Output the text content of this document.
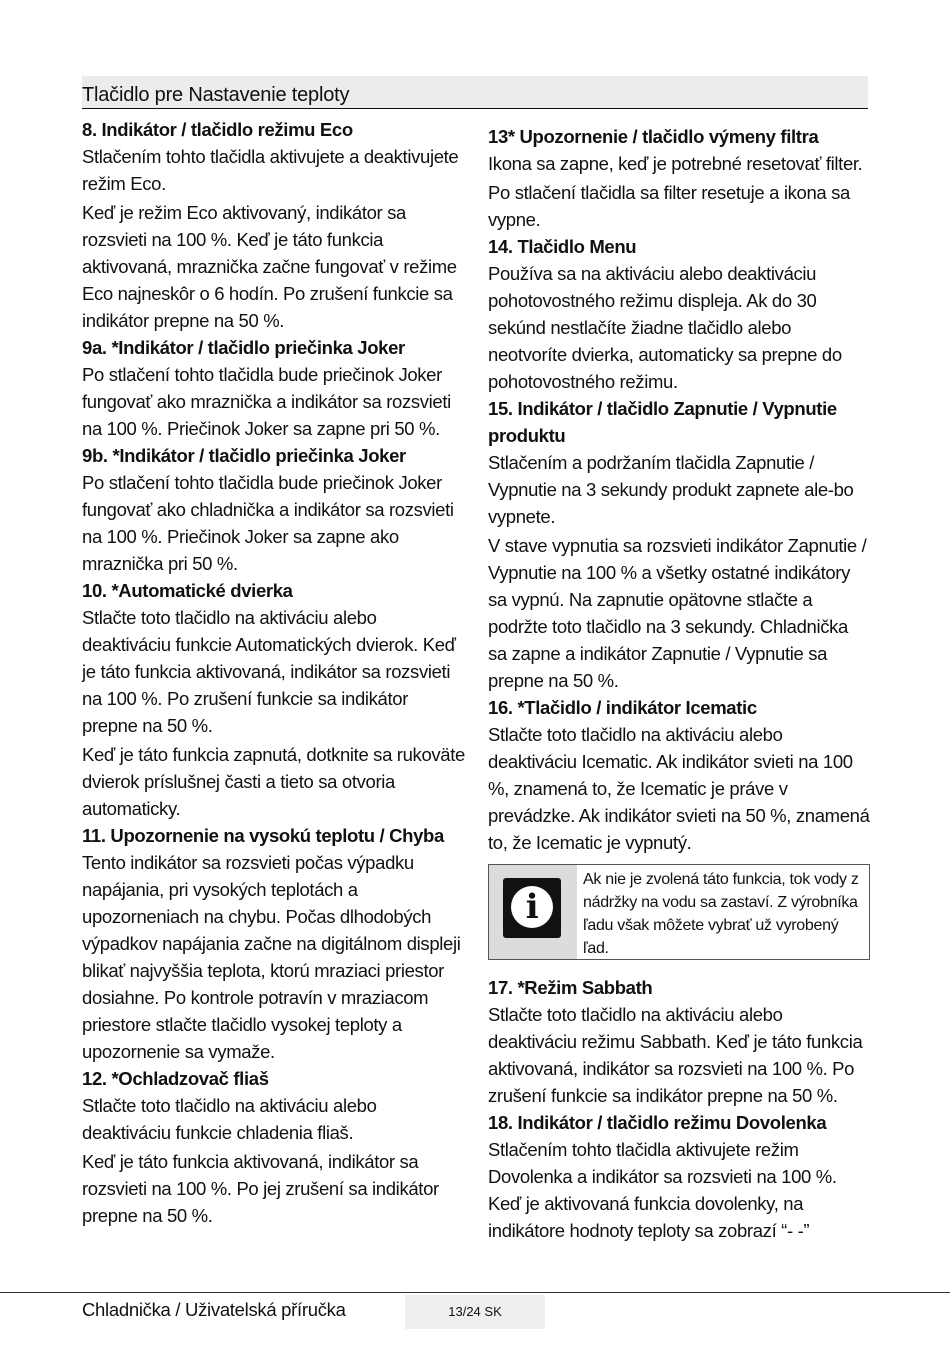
Tlačidlo pre Nastavenie teploty

8. Indikátor / tlačidlo režimu Eco

Stlačením tohto tlačidla aktivujete a deaktivujete režim Eco.

Keď je režim Eco aktivovaný, indikátor sa rozsvieti na 100 %. Keď je táto funkcia aktivovaná, mraznička začne fungovať v režime Eco najneskôr o 6 hodín. Po zrušení funkcie sa indikátor prepne na 50 %.

9a. *Indikátor / tlačidlo priečinka Joker

Po stlačení tohto tlačidla bude priečinok Joker fungovať ako mraznička a indikátor sa rozsvieti na 100 %. Priečinok Joker sa zapne pri 50 %.

9b. *Indikátor / tlačidlo priečinka Joker

Po stlačení tohto tlačidla bude priečinok Joker fungovať ako chladnička a indikátor sa rozsvieti na 100 %. Priečinok Joker sa zapne ako mraznička pri 50 %.

10. *Automatické dvierka

Stlačte toto tlačidlo na aktiváciu alebo deaktiváciu funkcie Automatických dvierok. Keď je táto funkcia aktivovaná, indikátor sa rozsvieti na 100 %. Po zrušení funkcie sa indikátor prepne na 50 %.

Keď je táto funkcia zapnutá, dotknite sa rukoväte dvierok príslušnej časti a tieto sa otvoria automaticky.

11. Upozornenie na vysokú teplotu / Chyba

Tento indikátor sa rozsvieti počas výpadku napájania, pri vysokých teplotách a upozorneniach na chybu. Počas dlhodobých výpadkov napájania začne na digitálnom displeji blikať najvyššia teplota, ktorú mraziaci priestor dosiahne. Po kontrole potravín v mraziacom priestore stlačte tlačidlo vysokej teploty a upozornenie sa vymaže.

12. *Ochladzovač fliaš

Stlačte toto tlačidlo na aktiváciu alebo deaktiváciu funkcie chladenia fliaš.

Keď je táto funkcia aktivovaná, indikátor sa rozsvieti na 100 %. Po jej zrušení sa indikátor prepne na 50 %.

13* Upozornenie / tlačidlo výmeny filtra

Ikona sa zapne, keď je potrebné resetovať filter.

Po stlačení tlačidla sa filter resetuje a ikona sa vypne.

14. Tlačidlo Menu

Používa sa na aktiváciu alebo deaktiváciu pohotovostného režimu displeja. Ak do 30 sekúnd nestlačíte žiadne tlačidlo alebo neotvoríte dvierka, automaticky sa prepne do pohotovostného režimu.

15. Indikátor / tlačidlo Zapnutie / Vypnutie produktu

Stlačením a podržaním tlačidla Zapnutie / Vypnutie na 3 sekundy produkt zapnete ale-bo vypnete.

V stave vypnutia sa rozsvieti indikátor Zapnutie / Vypnutie na 100 % a všetky ostatné indikátory sa vypnú. Na zapnutie opätovne stlačte a podržte toto tlačidlo na 3 sekundy. Chladnička sa zapne a indikátor Zapnutie / Vypnutie sa prepne na 50 %.

16. *Tlačidlo / indikátor Icematic

Stlačte toto tlačidlo na aktiváciu alebo deaktiváciu Icematic. Ak indikátor svieti na 100 %, znamená to, že Icematic je práve v prevádzke. Ak indikátor svieti na 50 %, znamená to, že Icematic je vypnutý.

i
Ak nie je zvolená táto funkcia, tok vody z nádržky na vodu sa zastaví. Z výrobníka ľadu však môžete vybrať už vyrobený ľad.

17. *Režim Sabbath

Stlačte toto tlačidlo na aktiváciu alebo deaktiváciu režimu Sabbath. Keď je táto funkcia aktivovaná, indikátor sa rozsvieti na 100 %. Po zrušení funkcie sa indikátor prepne na 50 %.

18. Indikátor / tlačidlo režimu Dovolenka

Stlačením tohto tlačidla aktivujete režim Dovolenka a indikátor sa rozsvieti na 100 %. Keď je aktivovaná funkcia dovolenky, na indikátore hodnoty teploty sa zobrazí “- -”

Chladnička / Uživatelská příručka	13/24 SK
